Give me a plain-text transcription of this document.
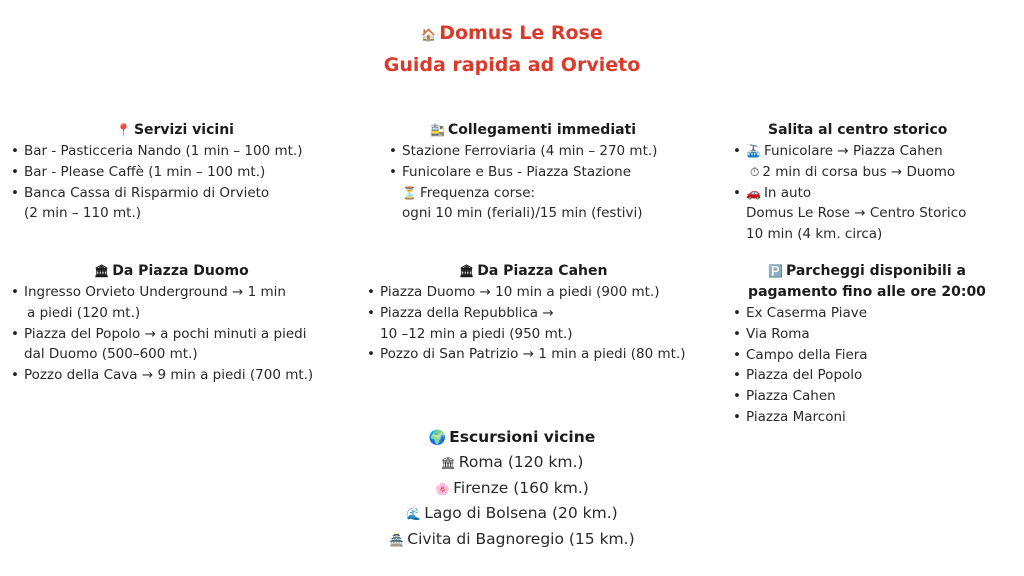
🏠 Domus Le Rose
Guida rapida ad Orvieto
📍 Servizi vicini
• Bar - Pasticceria Nando (1 min – 100 mt.)
• Bar - Please Caffè (1 min – 100 mt.)
• Banca Cassa di Risparmio di Orvieto
(2 min – 110 mt.)
🚉 Collegamenti immediati
• Stazione Ferroviaria (4 min – 270 mt.)
• Funicolare e Bus - Piazza Stazione
⏳ Frequenza corse:
ogni 10 min (feriali)/15 min (festivi)
Salita al centro storico
• 🚠 Funicolare → Piazza Cahen
⏱ 2 min di corsa bus → Duomo
• 🚗 In auto
Domus Le Rose → Centro Storico
10 min (4 km. circa)
🏛 Da Piazza Duomo
• Ingresso Orvieto Underground → 1 min
a piedi (120 mt.)
• Piazza del Popolo → a pochi minuti a piedi
dal Duomo (500–600 mt.)
• Pozzo della Cava → 9 min a piedi (700 mt.)
🏛 Da Piazza Cahen
• Piazza Duomo → 10 min a piedi (900 mt.)
• Piazza della Repubblica →
10 –12 min a piedi (950 mt.)
• Pozzo di San Patrizio → 1 min a piedi (80 mt.)
🅿️ Parcheggi disponibili a
pagamento fino alle ore 20:00
• Ex Caserma Piave
• Via Roma
• Campo della Fiera
• Piazza del Popolo
• Piazza Cahen
• Piazza Marconi
🌍 Escursioni vicine
🏛 Roma (120 km.)
🌸 Firenze (160 km.)
🌊 Lago di Bolsena (20 km.)
🏯 Civita di Bagnoregio (15 km.)
